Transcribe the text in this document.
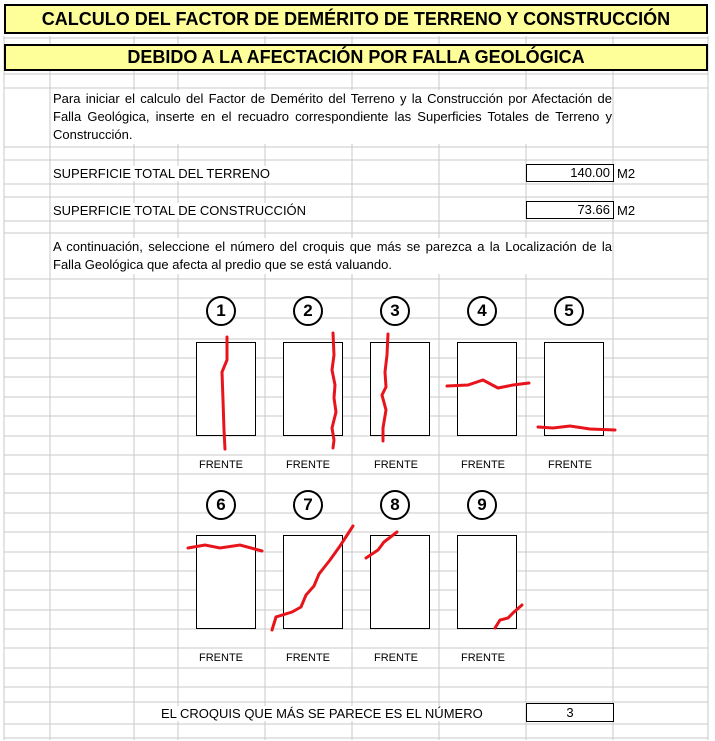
CALCULO DEL FACTOR DE DEMÉRITO DE TERRENO Y CONSTRUCCIÓN
DEBIDO A LA AFECTACIÓN POR FALLA GEOLÓGICA
Para iniciar el calculo del Factor de Demérito del Terreno y la Construcción por Afectación de Falla Geológica, inserte en el recuadro correspondiente las Superficies Totales de Terreno y Construcción.
SUPERFICIE TOTAL DEL TERRENO	140.00 M2
SUPERFICIE TOTAL DE CONSTRUCCIÓN	73.66 M2
A continuación, seleccione el número del croquis que más se parezca a la Localización de la Falla Geológica que afecta al predio que se está valuando.
1	2	3	4	5
FRENTE	FRENTE	FRENTE	FRENTE	FRENTE
6	7	8	9
FRENTE	FRENTE	FRENTE	FRENTE
EL CROQUIS QUE MÁS SE PARECE ES EL NÚMERO	3
